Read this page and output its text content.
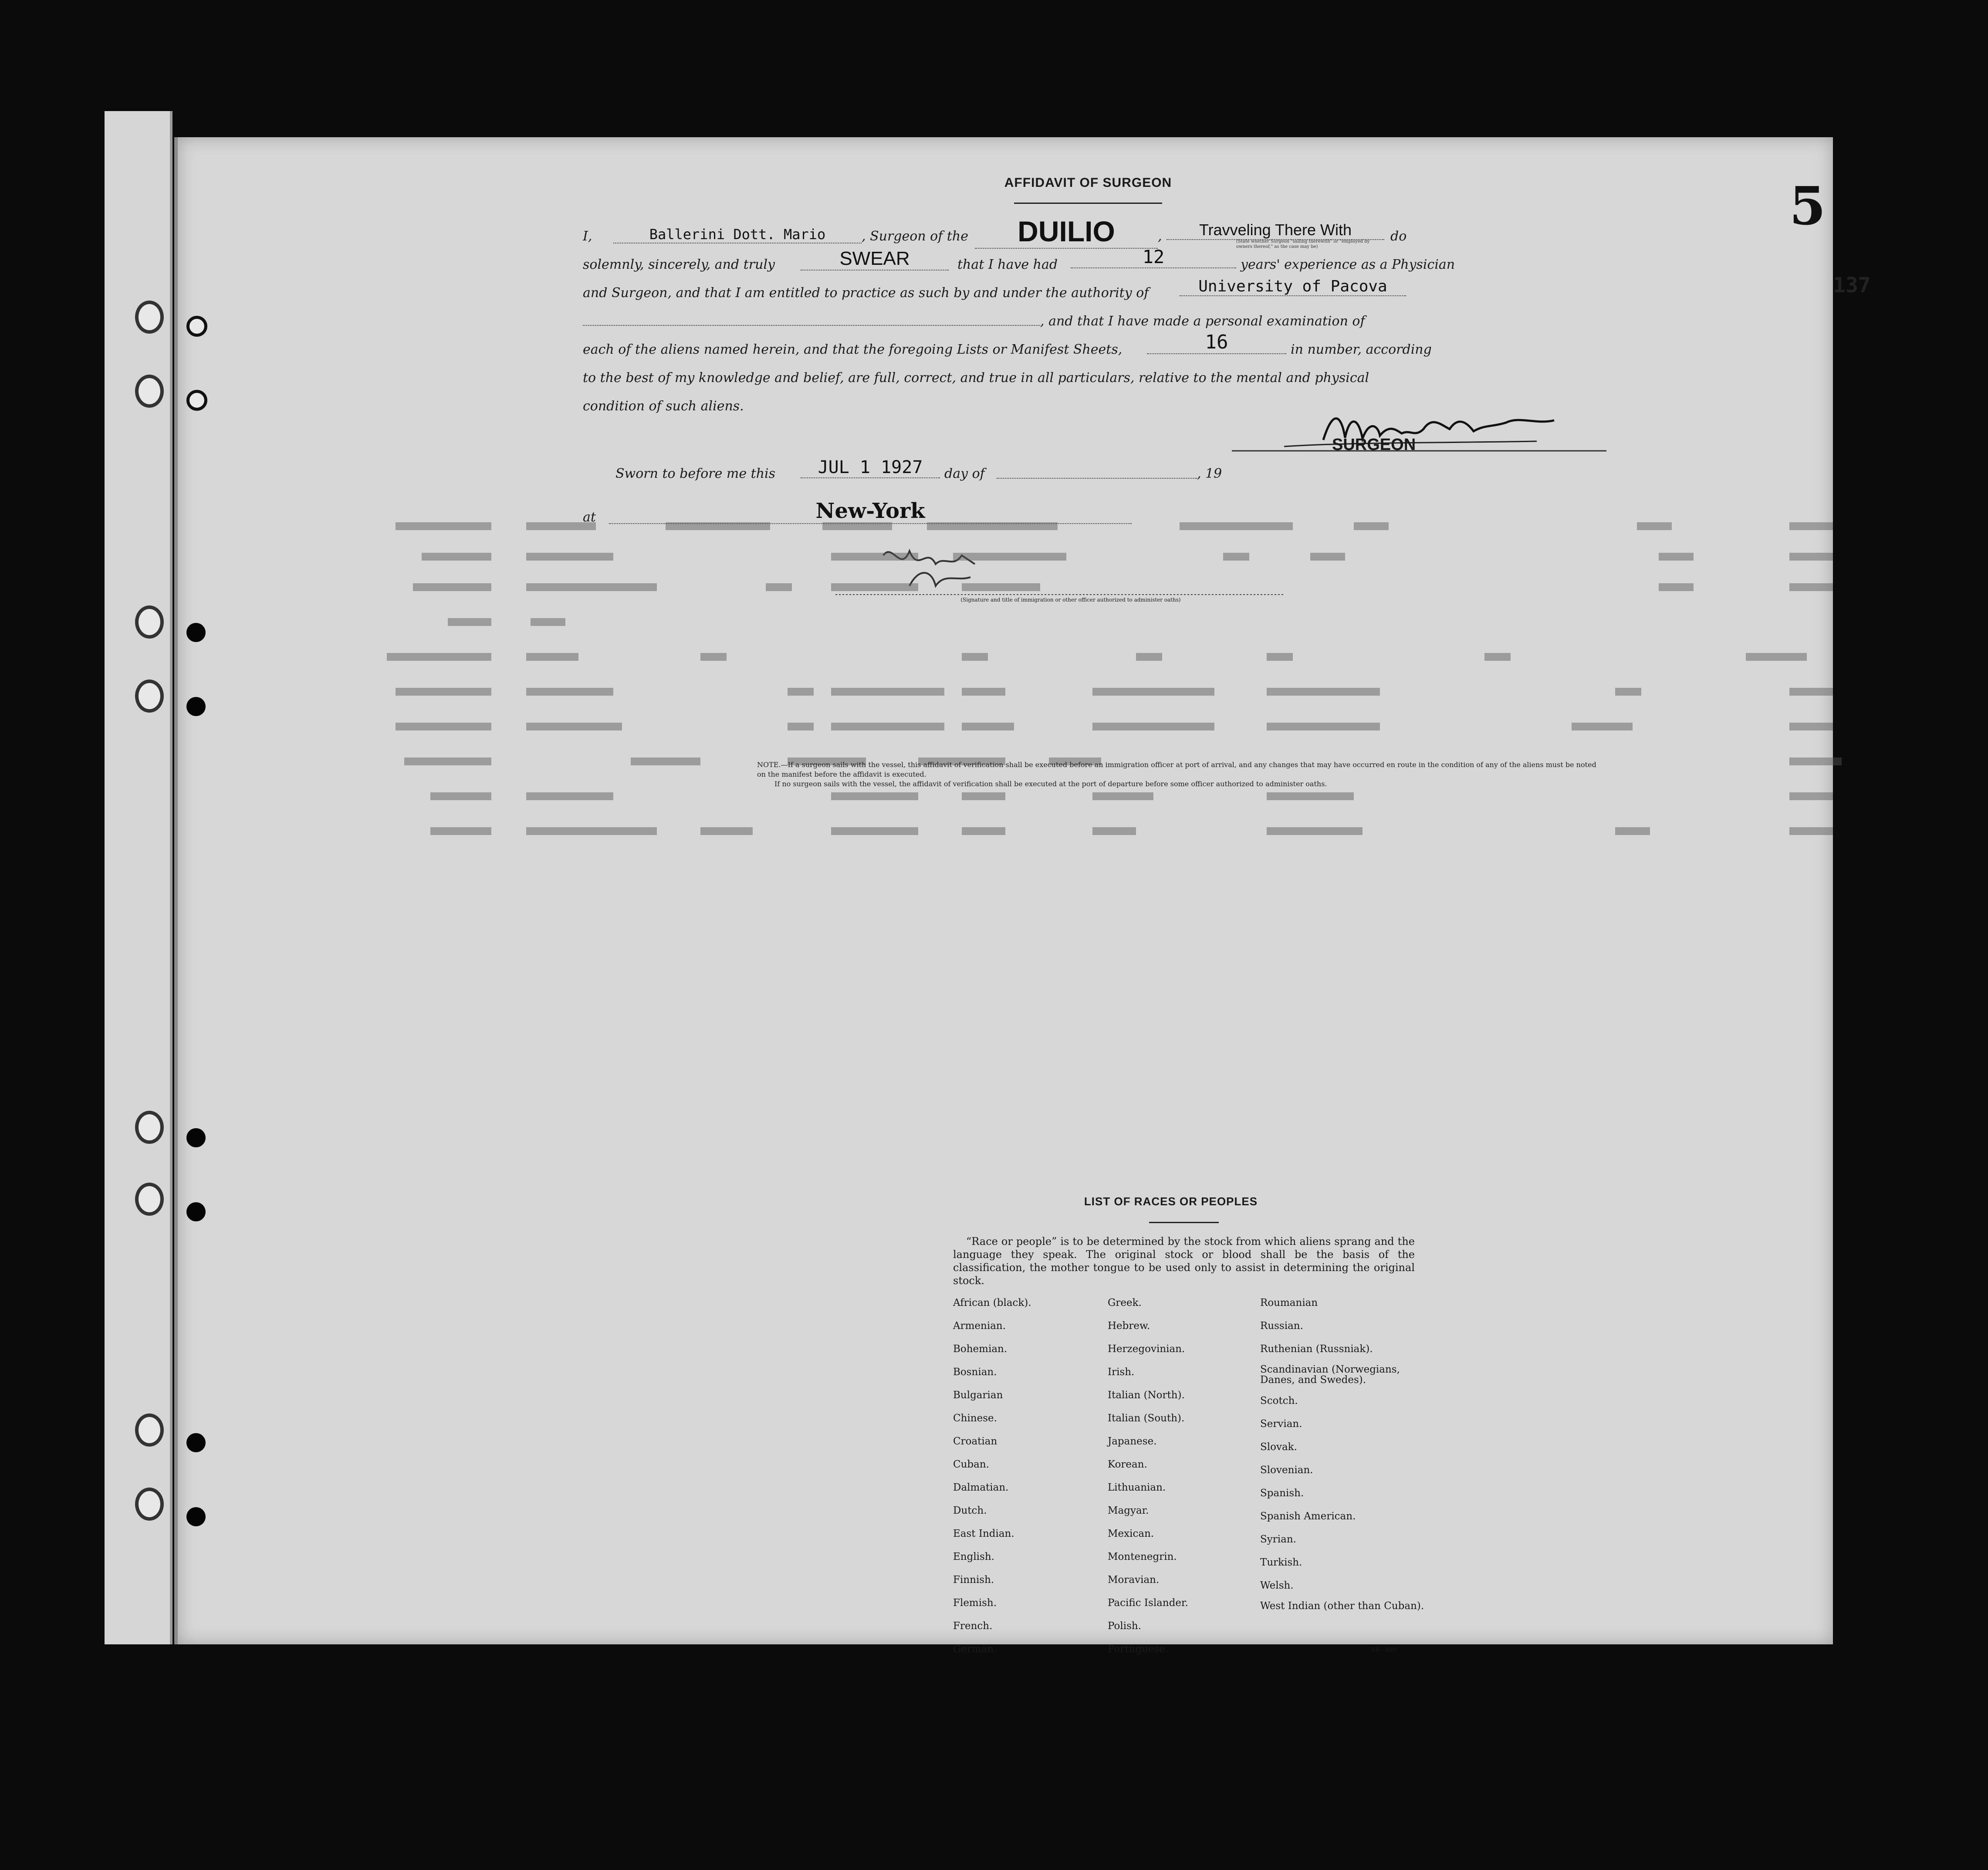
5
137
AFFIDAVIT OF SURGEON
I,	Ballerini Dott. Mario	, Surgeon of the	DUILIO	,	Travveling There With	do
(State whether Surgeon "sailing therewith" or "employed by owners thereof," as the case may be)
solemnly, sincerely, and truly	SWEAR	that I have had	12	years' experience as a Physician
and Surgeon, and that I am entitled to practice as such by and under the authority of	University of Pacova
, and that I have made a personal examination of
each of the aliens named herein, and that the foregoing Lists or Manifest Sheets,	16	in number, according
to the best of my knowledge and belief, are full, correct, and true in all particulars, relative to the mental and physical
condition of such aliens.
SURGEON
Sworn to before me this	JUL 1 1927	day of	, 19
at	New-York
(Signature and title of immigration or other officer authorized to administer oaths)
NOTE.—If a surgeon sails with the vessel, this affidavit of verification shall be executed before an immigration officer at port of arrival, and any changes that may have occurred en route in the condition of any of the aliens must be noted on the manifest before the affidavit is executed.
If no surgeon sails with the vessel, the affidavit of verification shall be executed at the port of departure before some officer authorized to administer oaths.
LIST OF RACES OR PEOPLES
“Race or people” is to be determined by the stock from which aliens sprang and the language they speak. The original stock or blood shall be the basis of the classification, the mother tongue to be used only to assist in determining the original stock.
African (black).
Armenian.
Bohemian.
Bosnian.
Bulgarian
Chinese.
Croatian
Cuban.
Dalmatian.
Dutch.
East Indian.
English.
Finnish.
Flemish.
French.
German.
Greek.
Hebrew.
Herzegovinian.
Irish.
Italian (North).
Italian (South).
Japanese.
Korean.
Lithuanian.
Magyar.
Mexican.
Montenegrin.
Moravian.
Pacific Islander.
Polish.
Portuguese.
Roumanian
Russian.
Ruthenian (Russniak).
Scandinavian (Norwegians, Danes, and Swedes).
Scotch.
Servian.
Slovak.
Slovenian.
Spanish.
Spanish American.
Syrian.
Turkish.
Welsh.
West Indian (other than Cuban).
14—489
